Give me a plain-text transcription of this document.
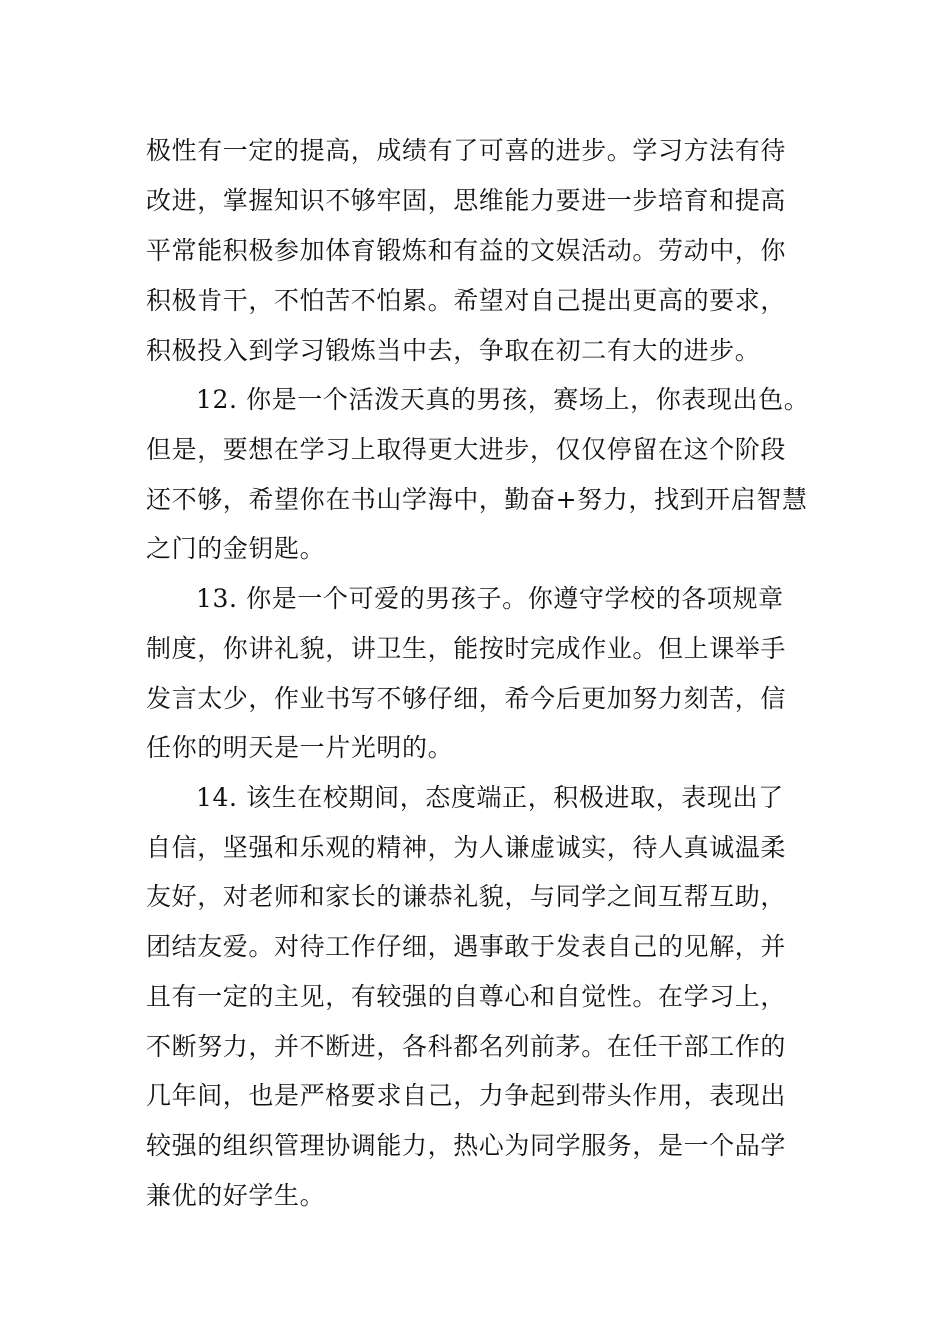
极性有一定的提高，成绩有了可喜的进步。学习方法有待
改进，掌握知识不够牢固，思维能力要进一步培育和提高
平常能积极参加体育锻炼和有益的文娱活动。劳动中，你
积极肯干，不怕苦不怕累。希望对自己提出更高的要求，
积极投入到学习锻炼当中去，争取在初二有大的进步。
12. 你是一个活泼天真的男孩，赛场上，你表现出色。
但是，要想在学习上取得更大进步，仅仅停留在这个阶段
还不够，希望你在书山学海中，勤奋+努力，找到开启智慧
之门的金钥匙。
13. 你是一个可爱的男孩子。你遵守学校的各项规章
制度，你讲礼貌，讲卫生，能按时完成作业。但上课举手
发言太少，作业书写不够仔细，希今后更加努力刻苦，信
任你的明天是一片光明的。
14. 该生在校期间，态度端正，积极进取，表现出了
自信，坚强和乐观的精神，为人谦虚诚实，待人真诚温柔
友好，对老师和家长的谦恭礼貌，与同学之间互帮互助，
团结友爱。对待工作仔细，遇事敢于发表自己的见解，并
且有一定的主见，有较强的自尊心和自觉性。在学习上，
不断努力，并不断进，各科都名列前茅。在任干部工作的
几年间，也是严格要求自己，力争起到带头作用，表现出
较强的组织管理协调能力，热心为同学服务，是一个品学
兼优的好学生。
